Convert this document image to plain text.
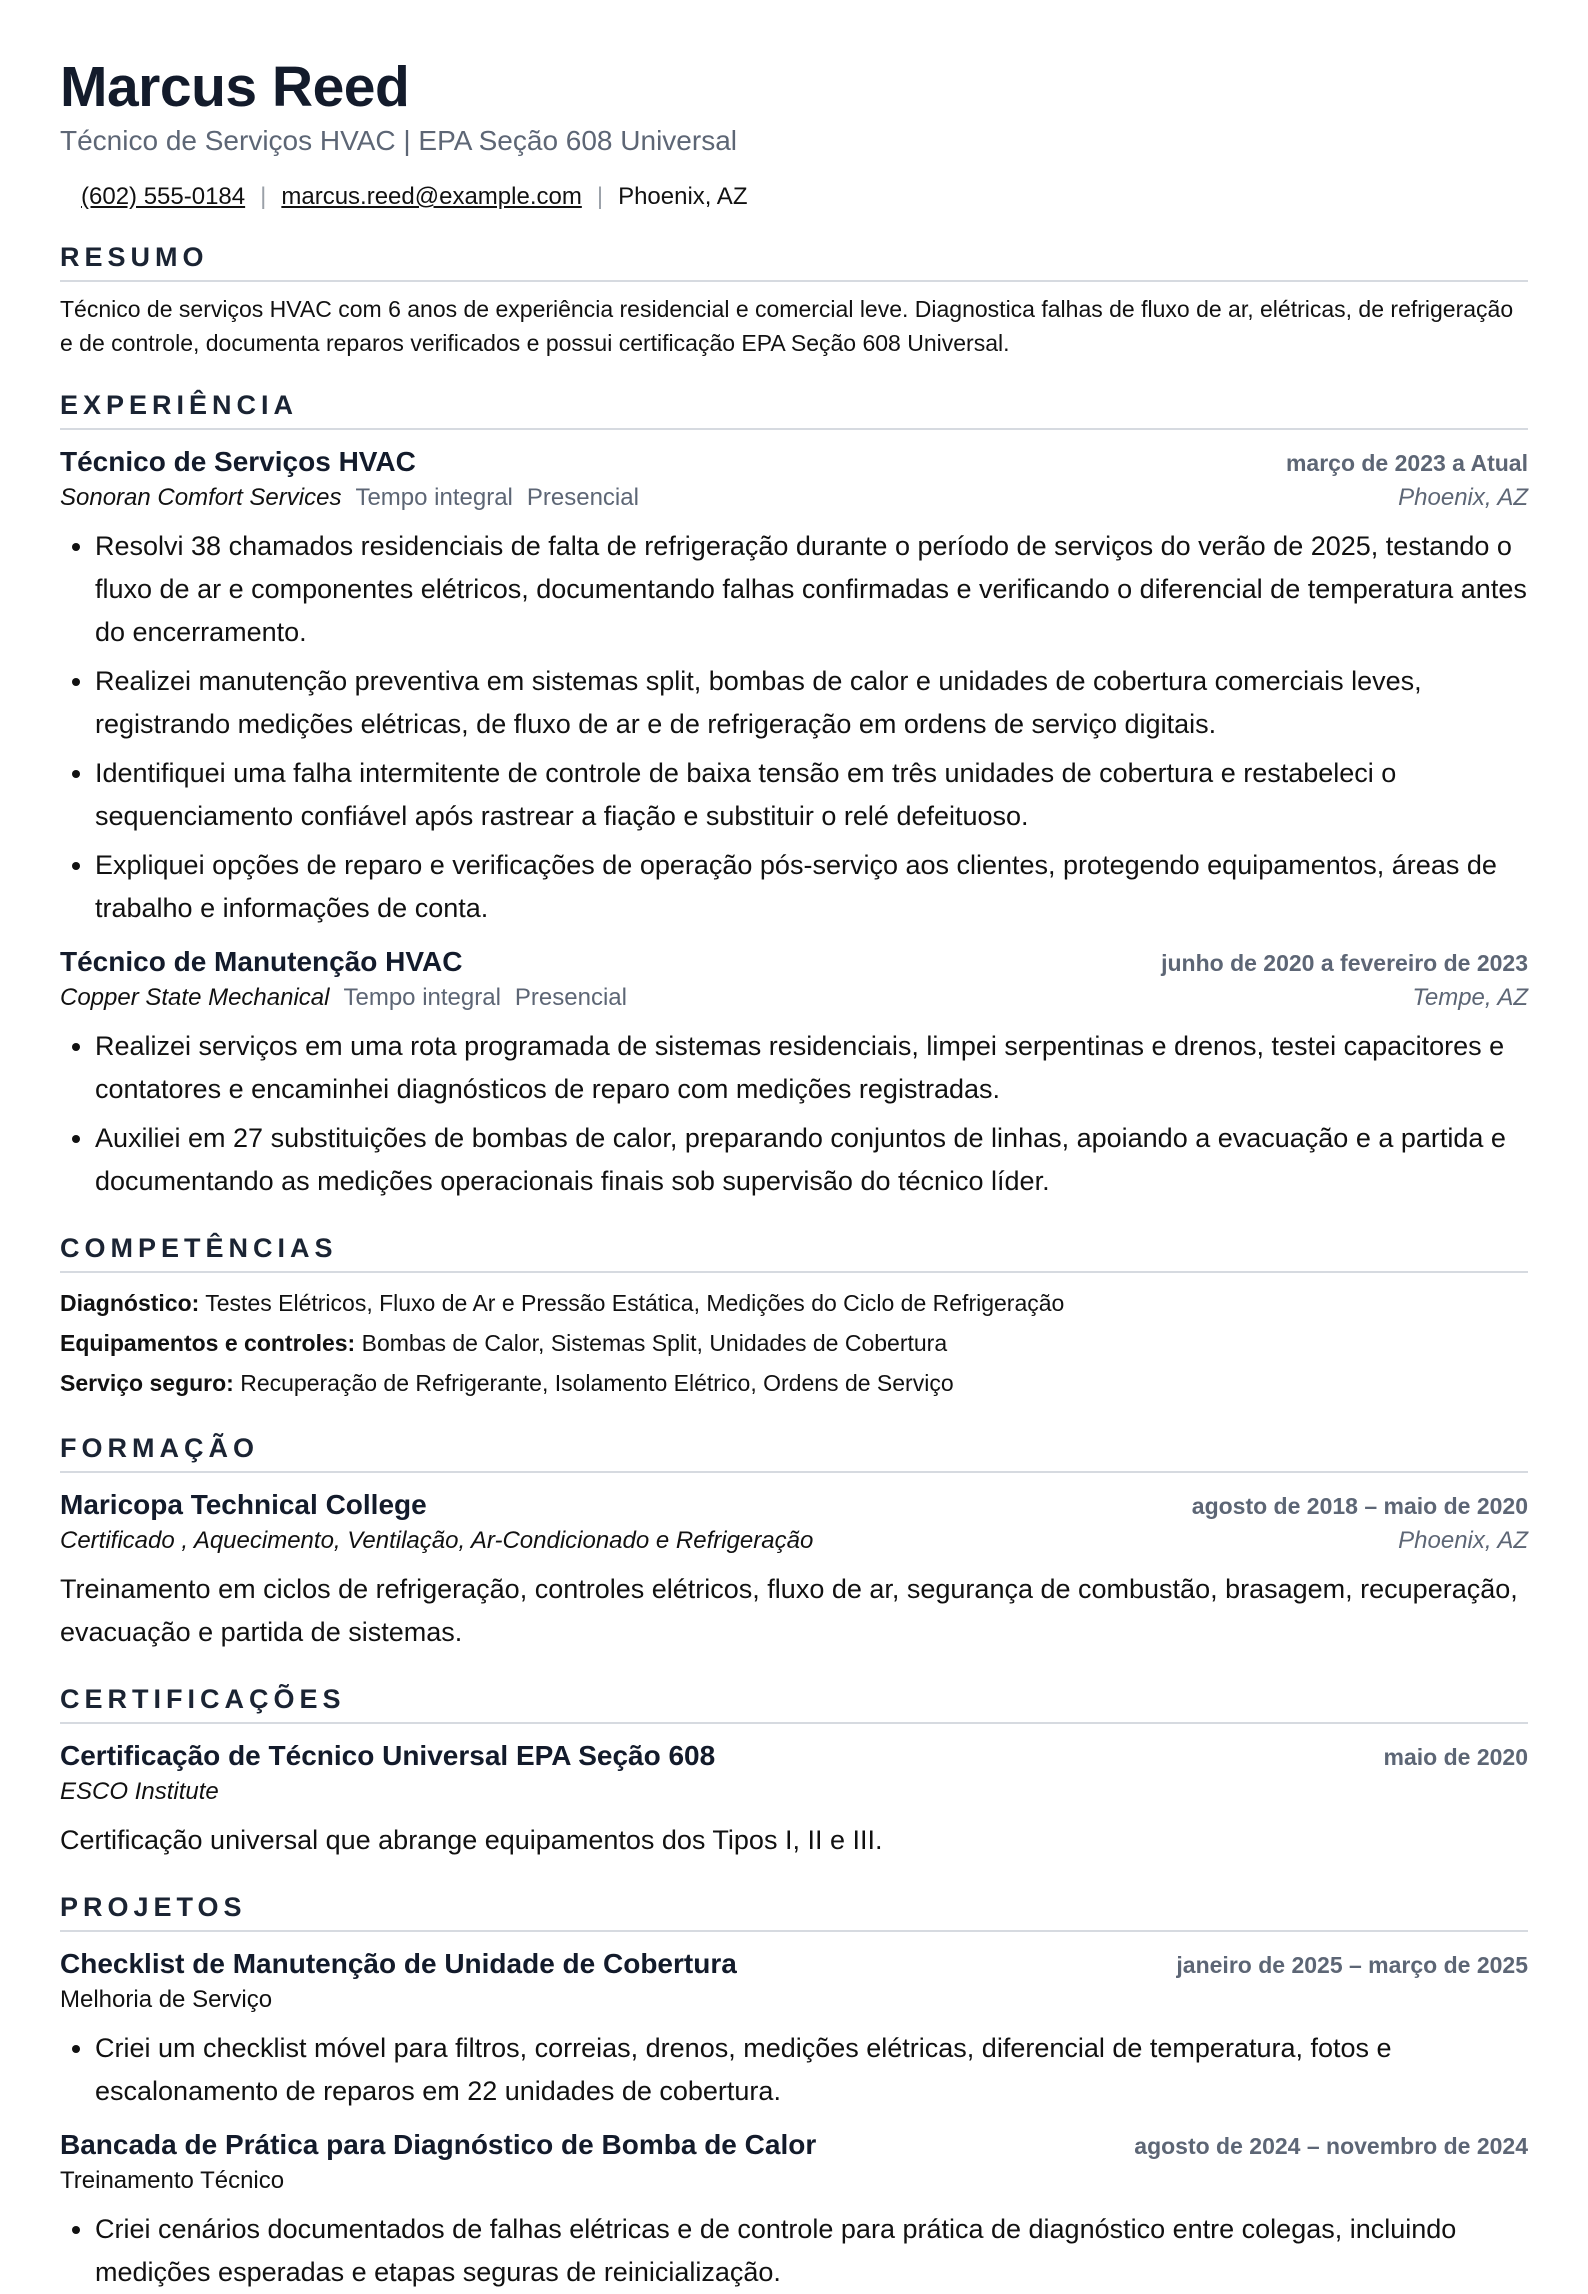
Marcus Reed
Técnico de Serviços HVAC | EPA Seção 608 Universal
(602) 555-0184 | marcus.reed@example.com | Phoenix, AZ
RESUMO
Técnico de serviços HVAC com 6 anos de experiência residencial e comercial leve. Diagnostica falhas de fluxo de ar, elétricas, de refrigeração e de controle, documenta reparos verificados e possui certificação EPA Seção 608 Universal.
EXPERIÊNCIA
Técnico de Serviços HVAC	março de 2023 a Atual
Sonoran Comfort Services Tempo integral Presencial	Phoenix, AZ
• Resolvi 38 chamados residenciais de falta de refrigeração durante o período de serviços do verão de 2025, testando o fluxo de ar e componentes elétricos, documentando falhas confirmadas e verificando o diferencial de temperatura antes do encerramento.
• Realizei manutenção preventiva em sistemas split, bombas de calor e unidades de cobertura comerciais leves, registrando medições elétricas, de fluxo de ar e de refrigeração em ordens de serviço digitais.
• Identifiquei uma falha intermitente de controle de baixa tensão em três unidades de cobertura e restabeleci o sequenciamento confiável após rastrear a fiação e substituir o relé defeituoso.
• Expliquei opções de reparo e verificações de operação pós-serviço aos clientes, protegendo equipamentos, áreas de trabalho e informações de conta.
Técnico de Manutenção HVAC	junho de 2020 a fevereiro de 2023
Copper State Mechanical Tempo integral Presencial	Tempe, AZ
• Realizei serviços em uma rota programada de sistemas residenciais, limpei serpentinas e drenos, testei capacitores e contatores e encaminhei diagnósticos de reparo com medições registradas.
• Auxiliei em 27 substituições de bombas de calor, preparando conjuntos de linhas, apoiando a evacuação e a partida e documentando as medições operacionais finais sob supervisão do técnico líder.
COMPETÊNCIAS
Diagnóstico: Testes Elétricos, Fluxo de Ar e Pressão Estática, Medições do Ciclo de Refrigeração
Equipamentos e controles: Bombas de Calor, Sistemas Split, Unidades de Cobertura
Serviço seguro: Recuperação de Refrigerante, Isolamento Elétrico, Ordens de Serviço
FORMAÇÃO
Maricopa Technical College	agosto de 2018 – maio de 2020
Certificado , Aquecimento, Ventilação, Ar-Condicionado e Refrigeração	Phoenix, AZ
Treinamento em ciclos de refrigeração, controles elétricos, fluxo de ar, segurança de combustão, brasagem, recuperação, evacuação e partida de sistemas.
CERTIFICAÇÕES
Certificação de Técnico Universal EPA Seção 608	maio de 2020
ESCO Institute
Certificação universal que abrange equipamentos dos Tipos I, II e III.
PROJETOS
Checklist de Manutenção de Unidade de Cobertura	janeiro de 2025 – março de 2025
Melhoria de Serviço
• Criei um checklist móvel para filtros, correias, drenos, medições elétricas, diferencial de temperatura, fotos e escalonamento de reparos em 22 unidades de cobertura.
Bancada de Prática para Diagnóstico de Bomba de Calor	agosto de 2024 – novembro de 2024
Treinamento Técnico
• Criei cenários documentados de falhas elétricas e de controle para prática de diagnóstico entre colegas, incluindo medições esperadas e etapas seguras de reinicialização.
